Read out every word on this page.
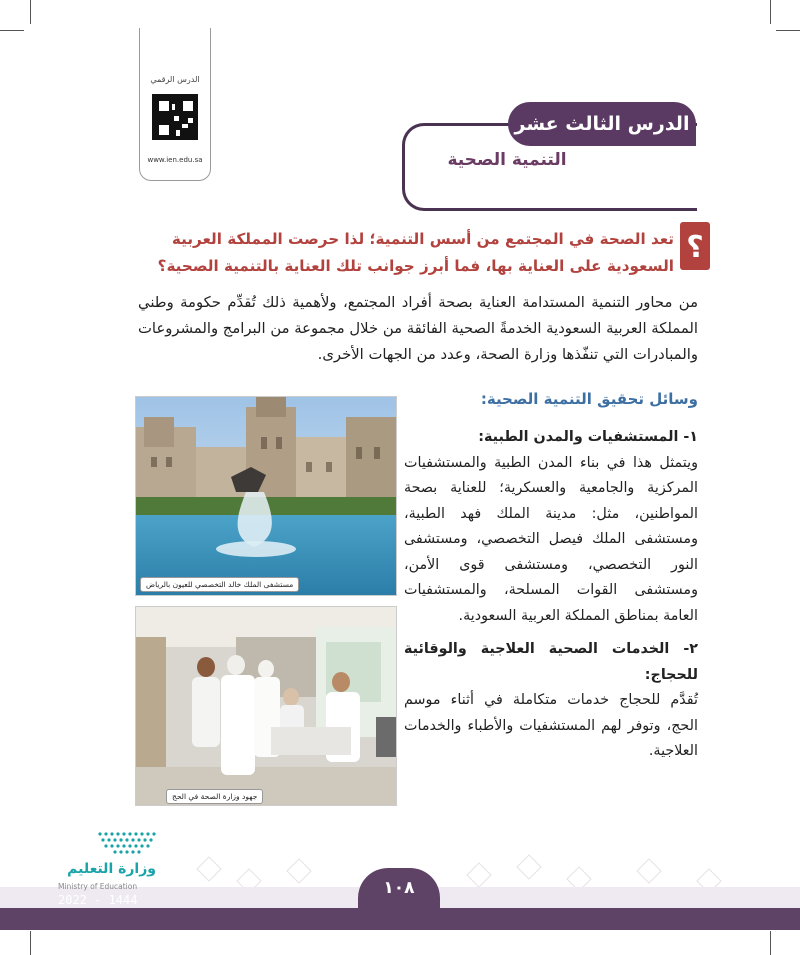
الدرس الرقمي
www.ien.edu.sa
الدرس الثالث عشر
التنمية الصحية
؟
تعد الصحة في المجتمع من أسس التنمية؛ لذا حرصت المملكة العربية السعودية على العناية بها، فما أبرز جوانب تلك العناية بالتنمية الصحية؟
من محاور التنمية المستدامة العناية بصحة أفراد المجتمع، ولأهمية ذلك تُقدِّم حكومة وطني المملكة العربية السعودية الخدمةً الصحية الفائقة من خلال مجموعة من البرامج والمشروعات والمبادرات التي تنفّذها وزارة الصحة، وعدد من الجهات الأخرى.
وسائل تحقيق التنمية الصحية:

١- المستشفيات والمدن الطبية:

ويتمثل هذا في بناء المدن الطبية والمستشفيات المركزية والجامعية والعسكرية؛ للعناية بصحة المواطنين، مثل: مدينة الملك فهد الطبية، ومستشفى الملك فيصل التخصصي، ومستشفى النور التخصصي، ومستشفى قوى الأمن، ومستشفى القوات المسلحة، والمستشفيات العامة بمناطق المملكة العربية السعودية.

٢- الخدمات الصحية العلاجية والوقائية للحجاج:

تُقدَّم للحجاج خدمات متكاملة في أثناء موسم الحج، وتوفر لهم المستشفيات والأطباء والخدمات العلاجية.

مستشفى الملك خالد التخصصي للعيون بالرياض
جهود وزارة الصحة في الحج
١٠٨
وزارة التعليم
Ministry of Education
2022 - 1444
